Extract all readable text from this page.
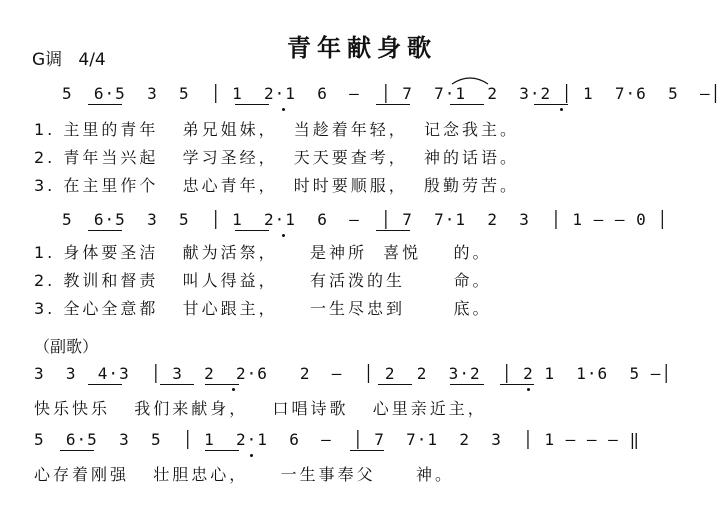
青年献身歌
G调   4/4
5  6·5  3  5  │ 1  2·1  6  –  │ 7  7·1  2  3·2 │ 1  7·6  5  –│
1. 主里的青年   弟兄姐妹，  当趁着年轻，  记念我主。
2. 青年当兴起   学习圣经，  天天要查考，  神的话语。
3. 在主里作个   忠心青年，  时时要顺服，  殷勤劳苦。
5  6·5  3  5  │ 1  2·1  6  –  │ 7  7·1  2  3  │ 1 – – 0 │
1. 身体要圣洁   献为活祭，    是神所  喜悦    的。
2. 教训和督责   叫人得益，    有活泼的生      命。
3. 全心全意都   甘心跟主，    一生尽忠到      底。
（副歌）
3  3  4·3  │ 3  2  2·6   2  –  │ 2  2  3·2  │ 2 1  1·6  5 –│
快乐快乐   我们来献身，   口唱诗歌   心里亲近主，
5  6·5  3  5  │ 1  2·1  6  –  │ 7  7·1  2  3  │ 1 – – – ‖
心存着刚强   壮胆忠心，    一生事奉父     神。
